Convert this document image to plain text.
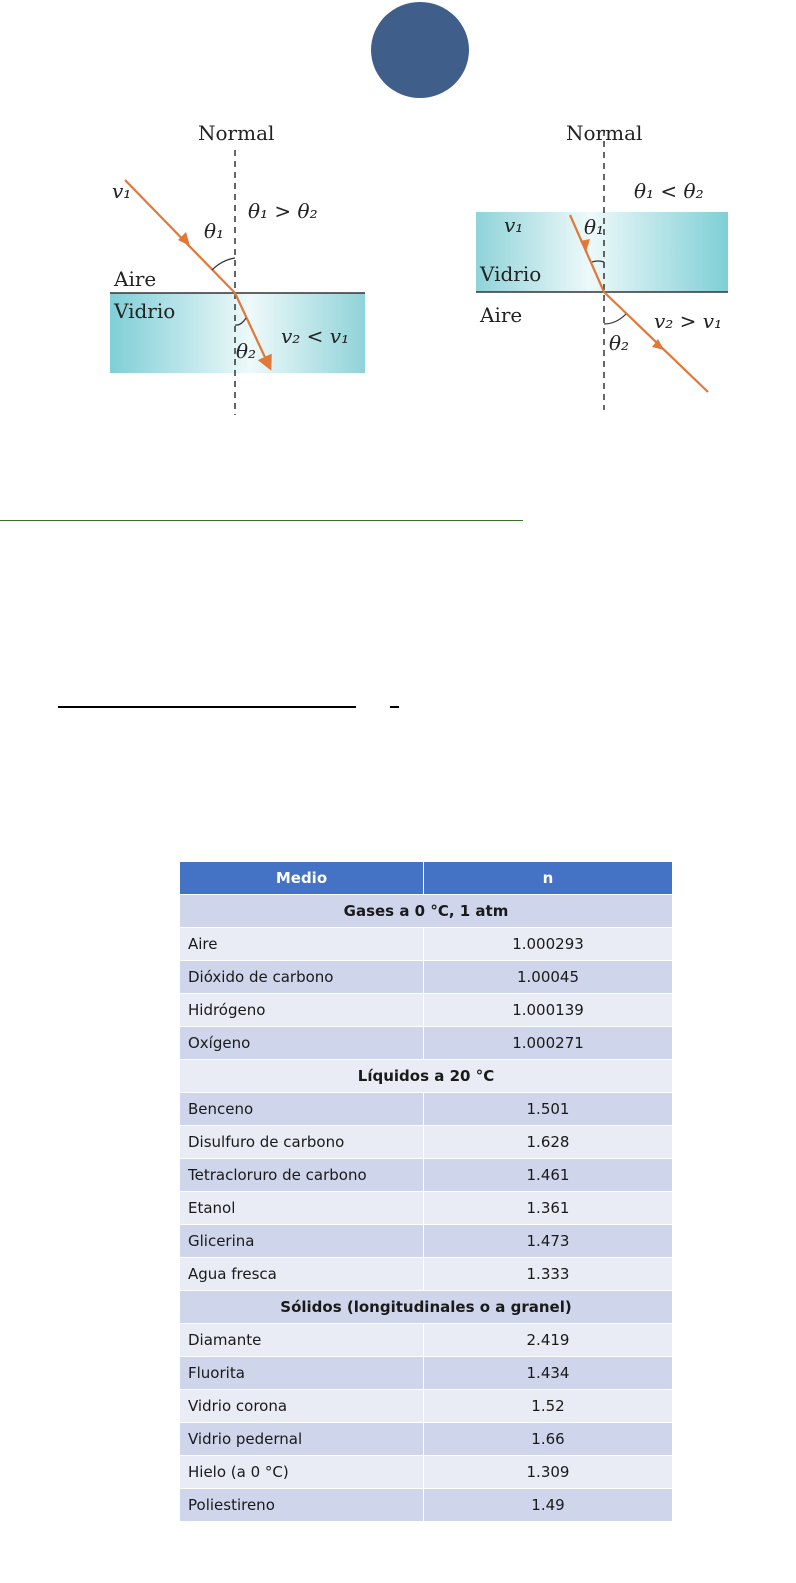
Normal
v₁
θ₁
θ₁ > θ₂
Aire
Vidrio
v₂ < v₁
θ₂
Normal
θ₁ < θ₂
v₁	θ₁
Vidrio
Aire	v₂ > v₁
θ₂
Medio	n
Gases a 0 °C, 1 atm	
Aire	1.000293
Dióxido de carbono	1.00045
Hidrógeno	1.000139
Oxígeno	1.000271
Líquidos a 20 °C	
Benceno	1.501
Disulfuro de carbono	1.628
Tetracloruro de carbono	1.461
Etanol	1.361
Glicerina	1.473
Agua fresca	1.333
Sólidos (longitudinales o a granel)	
Diamante	2.419
Fluorita	1.434
Vidrio corona	1.52
Vidrio pedernal	1.66
Hielo (a 0 °C)	1.309
Poliestireno	1.49
